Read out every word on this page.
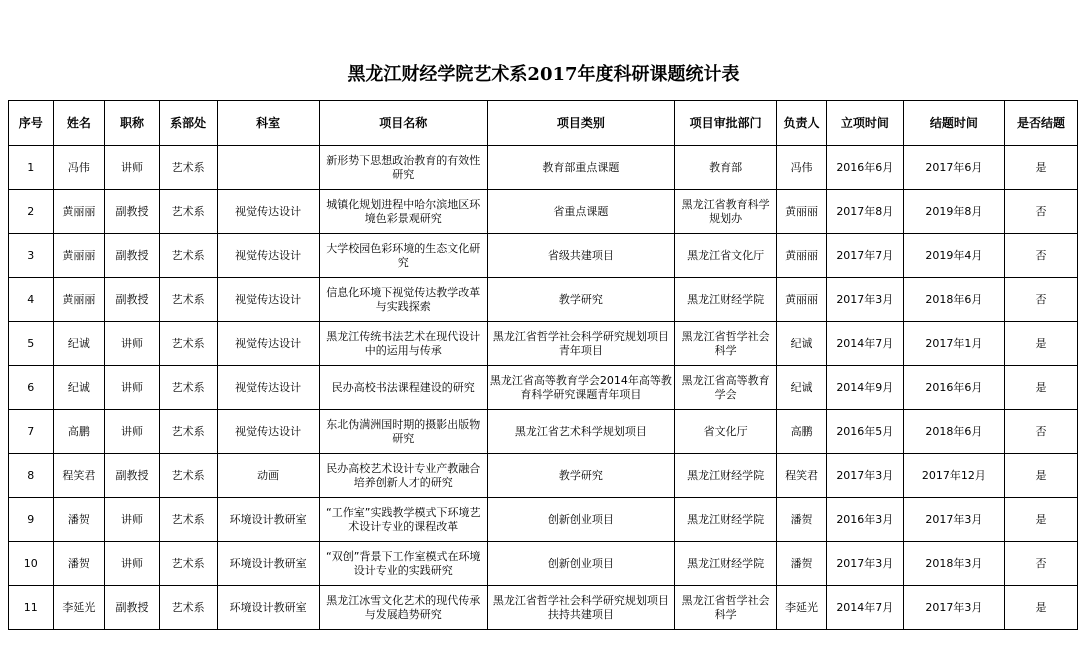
黑龙江财经学院艺术系2017年度科研课题统计表
序号	姓名	职称	系部处	科室	项目名称	项目类别	项目审批部门	负责人	立项时间	结题时间	是否结题
1	冯伟	讲师	艺术系		新形势下思想政治教育的有效性研究	教育部重点课题	教育部	冯伟	2016年6月	2017年6月	是
2	黄丽丽	副教授	艺术系	视觉传达设计	城镇化规划进程中哈尔滨地区环境色彩景观研究	省重点课题	黑龙江省教育科学规划办	黄丽丽	2017年8月	2019年8月	否
3	黄丽丽	副教授	艺术系	视觉传达设计	大学校园色彩环境的生态文化研究	省级共建项目	黑龙江省文化厅	黄丽丽	2017年7月	2019年4月	否
4	黄丽丽	副教授	艺术系	视觉传达设计	信息化环境下视觉传达教学改革与实践探索	教学研究	黑龙江财经学院	黄丽丽	2017年3月	2018年6月	否
5	纪诚	讲师	艺术系	视觉传达设计	黑龙江传统书法艺术在现代设计中的运用与传承	黑龙江省哲学社会科学研究规划项目青年项目	黑龙江省哲学社会科学	纪诚	2014年7月	2017年1月	是
6	纪诚	讲师	艺术系	视觉传达设计	民办高校书法课程建设的研究	黑龙江省高等教育学会2014年高等教育科学研究课题青年项目	黑龙江省高等教育学会	纪诚	2014年9月	2016年6月	是
7	高鹏	讲师	艺术系	视觉传达设计	东北伪满洲国时期的摄影出版物研究	黑龙江省艺术科学规划项目	省文化厅	高鹏	2016年5月	2018年6月	否
8	程笑君	副教授	艺术系	动画	民办高校艺术设计专业产教融合培养创新人才的研究	教学研究	黑龙江财经学院	程笑君	2017年3月	2017年12月	是
9	潘贺	讲师	艺术系	环境设计教研室	“工作室”实践教学模式下环境艺术设计专业的课程改革	创新创业项目	黑龙江财经学院	潘贺	2016年3月	2017年3月	是
10	潘贺	讲师	艺术系	环境设计教研室	“双创”背景下工作室模式在环境设计专业的实践研究	创新创业项目	黑龙江财经学院	潘贺	2017年3月	2018年3月	否
11	李延光	副教授	艺术系	环境设计教研室	黑龙江冰雪文化艺术的现代传承与发展趋势研究	黑龙江省哲学社会科学研究规划项目扶持共建项目	黑龙江省哲学社会科学	李延光	2014年7月	2017年3月	是
